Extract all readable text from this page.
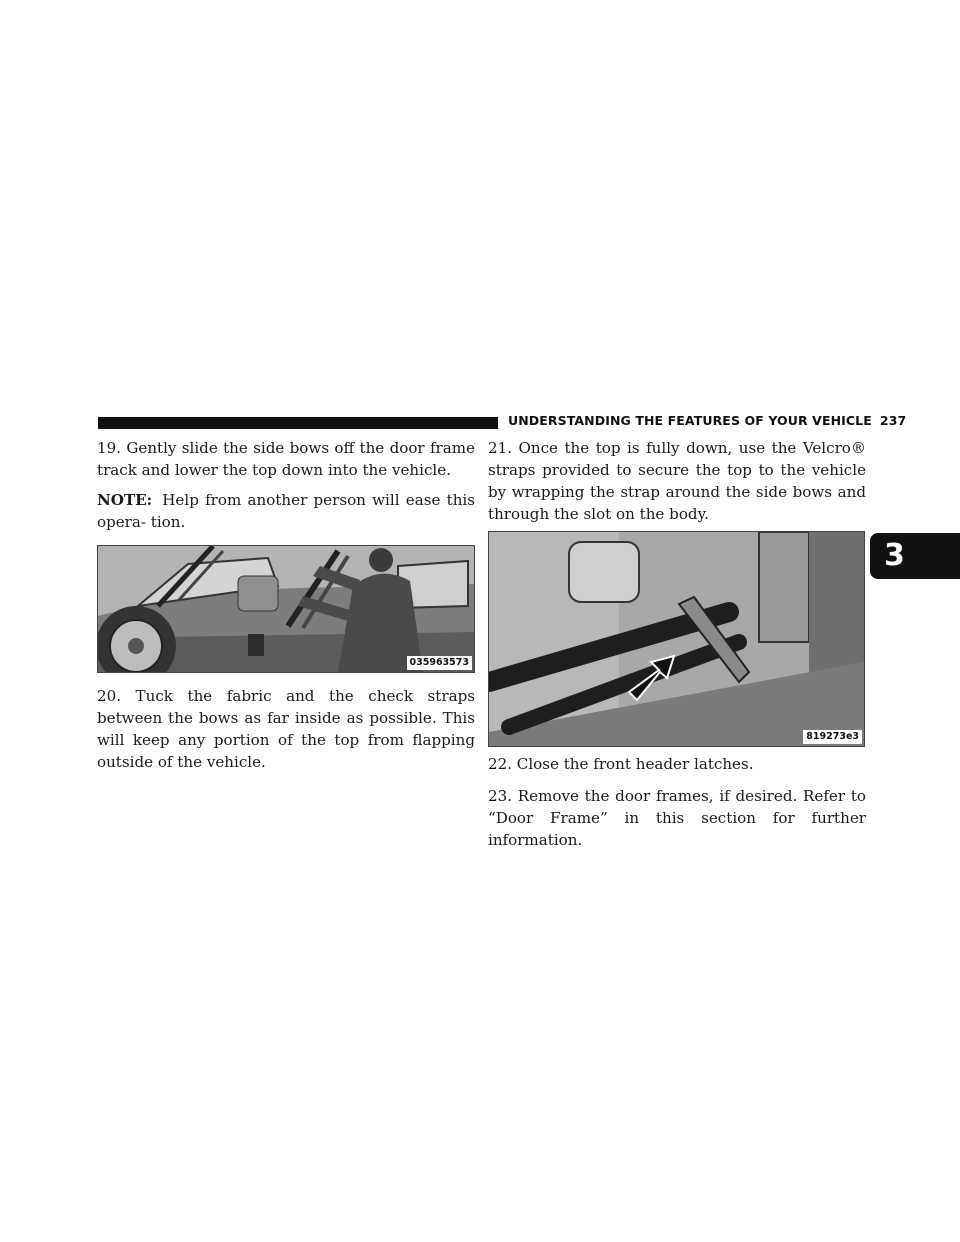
UNDERSTANDING THE FEATURES OF YOUR VEHICLE 237
3

19. Gently slide the side bows off the door frame track and lower the top down into the vehicle.

NOTE: Help from another person will ease this opera- tion.

035963573

20. Tuck the fabric and the check straps between the bows as far inside as possible. This will keep any portion of the top from flapping outside of the vehicle.

21. Once the top is fully down, use the Velcro® straps provided to secure the top to the vehicle by wrapping the strap around the side bows and through the slot on the body.

819273e3

22. Close the front header latches.

23. Remove the door frames, if desired. Refer to “Door Frame” in this section for further information.
